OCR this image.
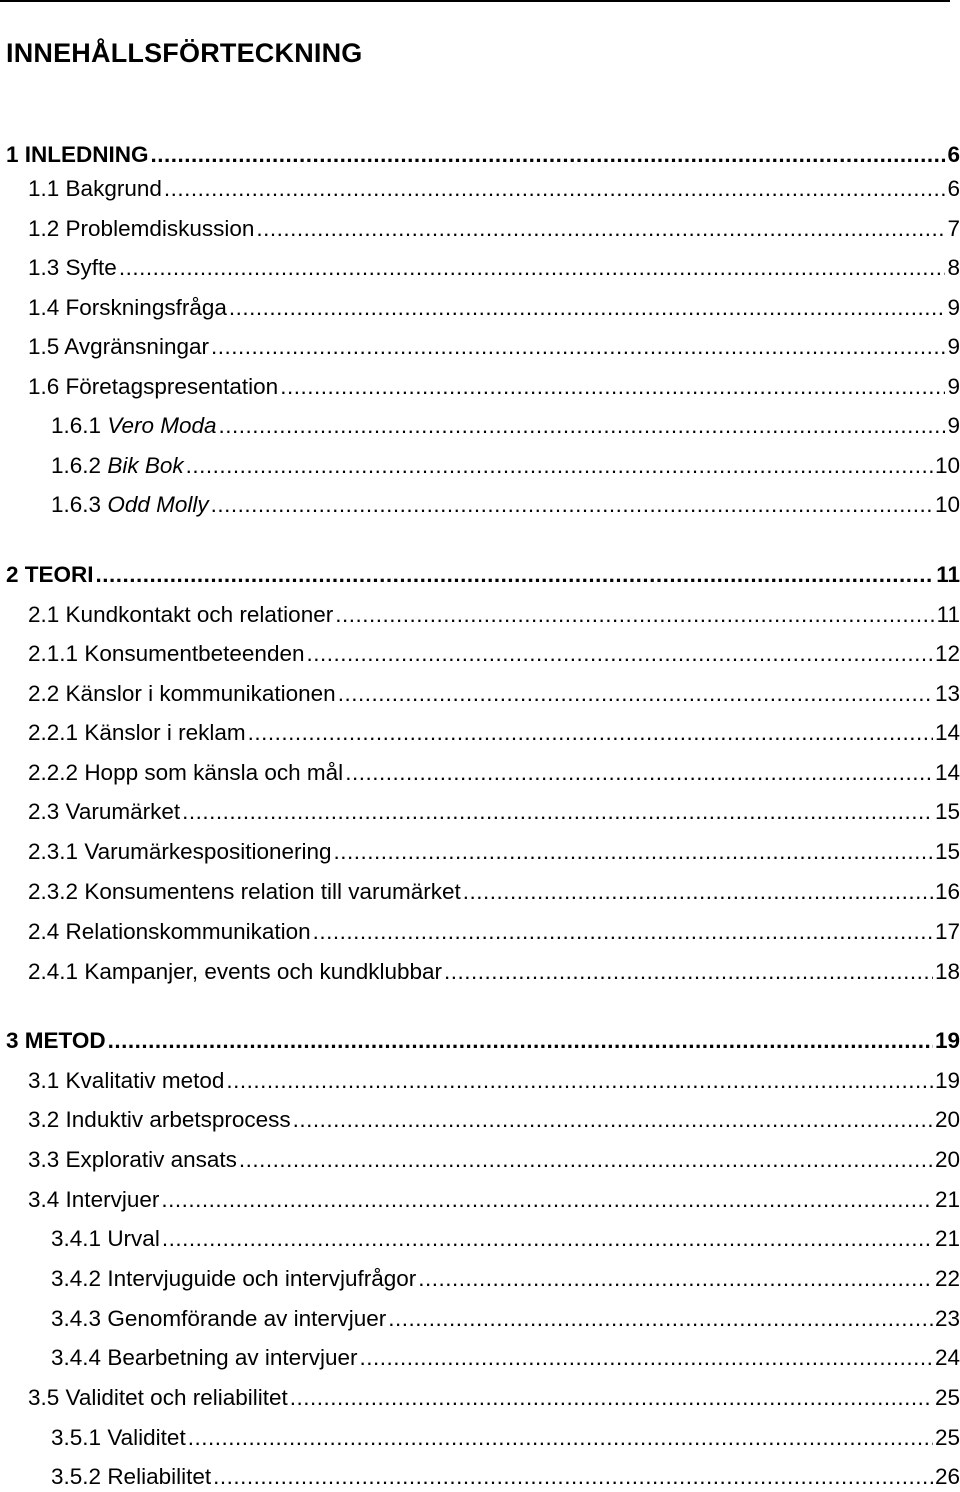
INNEHÅLLSFÖRTECKNING
1 INLEDNING .....	6
1.1 Bakgrund .....	6
1.2 Problemdiskussion .....	7
1.3 Syfte .....	8
1.4 Forskningsfråga .....	9
1.5 Avgränsningar .....	9
1.6 Företagspresentation .....	9
1.6.1 Vero Moda .....	9
1.6.2 Bik Bok .....	10
1.6.3 Odd Molly .....	10
2 TEORI .....	11
2.1 Kundkontakt och relationer .....	11
2.1.1 Konsumentbeteenden .....	12
2.2 Känslor i kommunikationen .....	13
2.2.1 Känslor i reklam .....	14
2.2.2 Hopp som känsla och mål .....	14
2.3 Varumärket .....	15
2.3.1 Varumärkespositionering .....	15
2.3.2 Konsumentens relation till varumärket .....	16
2.4 Relationskommunikation .....	17
2.4.1 Kampanjer, events och kundklubbar .....	18
3 METOD .....	19
3.1 Kvalitativ metod .....	19
3.2 Induktiv arbetsprocess .....	20
3.3 Explorativ ansats .....	20
3.4 Intervjuer .....	21
3.4.1 Urval .....	21
3.4.2 Intervjuguide och intervjufrågor .....	22
3.4.3 Genomförande av intervjuer .....	23
3.4.4 Bearbetning av intervjuer .....	24
3.5 Validitet och reliabilitet .....	25
3.5.1 Validitet .....	25
3.5.2 Reliabilitet .....	26
